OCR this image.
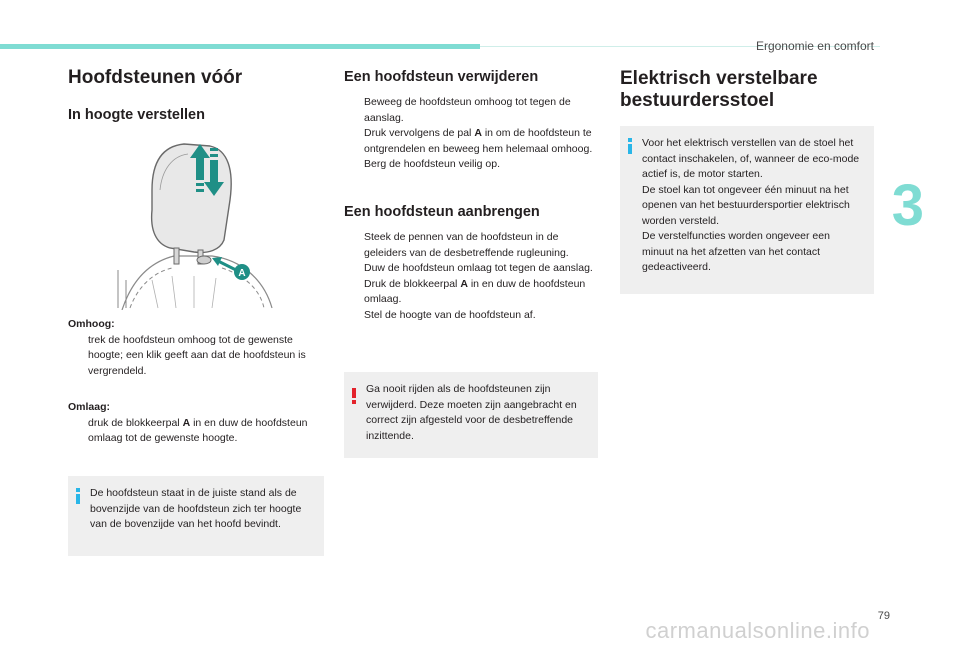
Ergonomie en comfort
3
Hoofdsteunen vóór
In hoogte verstellen

Omhoog:

trek de hoofdsteun omhoog tot de gewenste hoogte; een klik geeft aan dat de hoofdsteun is vergrendeld.

Omlaag:

druk de blokkeerpal A in en duw de hoofdsteun omlaag tot de gewenste hoogte.
A

De hoofdsteun staat in de juiste stand als de bovenzijde van de hoofdsteun zich ter hoogte van de bovenzijde van het hoofd bevindt.

Een hoofdsteun verwijderen
Beweeg de hoofdsteun omhoog tot tegen de aanslag.
Druk vervolgens de pal A in om de hoofdsteun te ontgrendelen en beweeg hem helemaal omhoog.
Berg de hoofdsteun veilig op.
Een hoofdsteun aanbrengen
Steek de pennen van de hoofdsteun in de geleiders van de desbetreffende rugleuning.
Duw de hoofdsteun omlaag tot tegen de aanslag.
Druk de blokkeerpal A in en duw de hoofdsteun omlaag.
Stel de hoogte van de hoofdsteun af.

Ga nooit rijden als de hoofdsteunen zijn verwijderd. Deze moeten zijn aangebracht en correct zijn afgesteld voor de desbetreffende inzittende.

Elektrisch verstelbare
bestuurdersstoel

Voor het elektrisch verstellen van de stoel het contact inschakelen, of, wanneer de eco-mode actief is, de motor starten.
De stoel kan tot ongeveer één minuut na het openen van het bestuurdersportier elektrisch worden versteld.
De verstelfuncties worden ongeveer een minuut na het afzetten van het contact gedeactiveerd.

carmanualsonline.info
79
